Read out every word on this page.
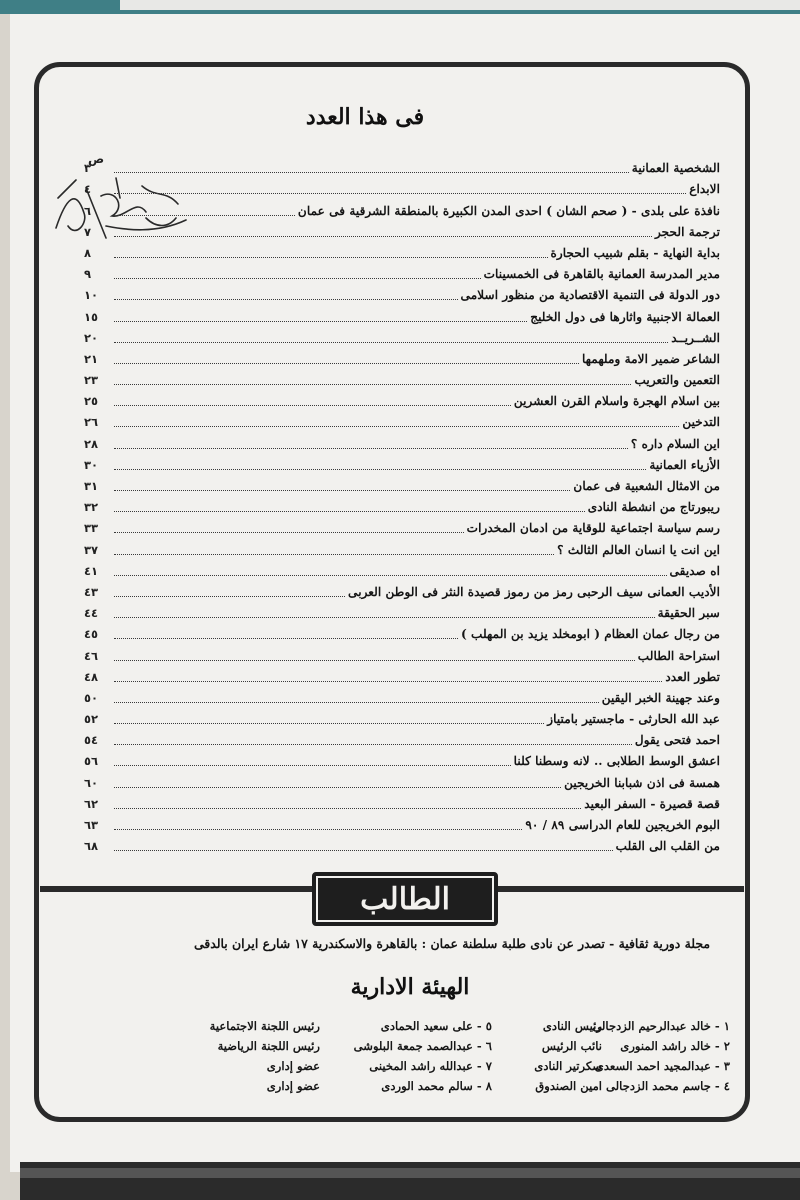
فى هذا العدد
ص
الشخصية العمانية
٣
الابداع
٤
نافذة على بلدى - ( صحم الشان ) احدى المدن الكبيرة بالمنطقة الشرقية فى عمان
٦
ترجمة الحجر
٧
بداية النهاية - بقلم شبيب الحجارة
٨
مدير المدرسة العمانية بالقاهرة فى الخمسينات
٩
دور الدولة فى التنمية الاقتصادية من منظور اسلامى
١٠
العمالة الاجنبية واثارها فى دول الخليج
١٥
الشــريــد
٢٠
الشاعر ضمير الامة وملهمها
٢١
التعمين والتعريب
٢٣
بين اسلام الهجرة واسلام القرن العشرين
٢٥
التدخين
٢٦
اين السلام داره ؟
٢٨
الأزياء العمانية
٣٠
من الامثال الشعبية فى عمان
٣١
ريبورتاج من انشطة النادى
٣٢
رسم سياسة اجتماعية للوقاية من ادمان المخدرات
٣٣
اين انت يا انسان العالم الثالث ؟
٣٧
اه صديقى
٤١
الأديب العمانى سيف الرحبى رمز من رموز قصيدة النثر فى الوطن العربى
٤٣
سبر الحقيقة
٤٤
من رجال عمان العظام ( ابومخلد يزيد بن المهلب )
٤٥
استراحة الطالب
٤٦
تطور العدد
٤٨
وعند جهينة الخبر اليقين
٥٠
عبد الله الحارثى - ماجستير بامتياز
٥٢
احمد فتحى يقول
٥٤
اعشق الوسط الطلابى .. لانه وسطنا كلنا
٥٦
همسة فى اذن شبابنا الخريجين
٦٠
قصة قصيرة - السفر البعيد
٦٢
البوم الخريجين للعام الدراسى ٨٩ / ٩٠
٦٣
من القلب الى القلب
٦٨
الطالب
مجلة دورية ثقافية - تصدر عن نادى طلبة سلطنة عمان : بالقاهرة والاسكندرية ١٧ شارع ايران بالدقى
الهيئة الادارية
١ - خالد عبدالرحيم الزدجالى
رئيس النادى
٥ - على سعيد الحمادى
رئيس اللجنة الاجتماعية
٢ - خالد راشد المنورى
نائب الرئيس
٦ - عبدالصمد جمعة البلوشى
رئيس اللجنة الرياضية
٣ - عبدالمجيد احمد السعدى
سكرتير النادى
٧ - عبدالله راشد المخينى
عضو إدارى
٤ - جاسم محمد الزدجالى
امين الصندوق
٨ - سالم محمد الوردى
عضو إدارى
